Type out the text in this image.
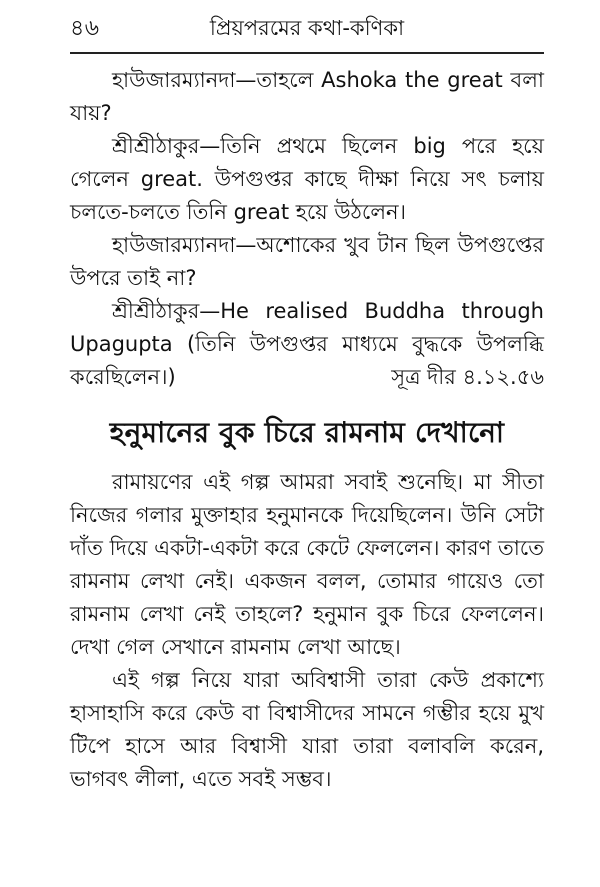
৪৬	প্রিয়পরমের কথা-কণিকা

হাউজারম্যানদা—তাহলে Ashoka the great বলা যায়?

শ্রীশ্রীঠাকুর—তিনি প্রথমে ছিলেন big পরে হয়ে গেলেন great. উপগুপ্তর কাছে দীক্ষা নিয়ে সৎ চলায় চলতে-চলতে তিনি great হয়ে উঠলেন।

হাউজারম্যানদা—অশোকের খুব টান ছিল উপগুপ্তের উপরে তাই না?

শ্রীশ্রীঠাকুর—He realised Buddha through Upagupta (তিনি উপগুপ্তর মাধ্যমে বুদ্ধকে উপলব্ধি করেছিলেন।)	সূত্র দীর ৪.১২.৫৬

হনুমানের বুক চিরে রামনাম দেখানো

রামায়ণের এই গল্প আমরা সবাই শুনেছি। মা সীতা নিজের গলার মুক্তাহার হনুমানকে দিয়েছিলেন। উনি সেটা দাঁত দিয়ে একটা-একটা করে কেটে ফেললেন। কারণ তাতে রামনাম লেখা নেই। একজন বলল, তোমার গায়েও তো রামনাম লেখা নেই তাহলে? হনুমান বুক চিরে ফেললেন। দেখা গেল সেখানে রামনাম লেখা আছে।

এই গল্প নিয়ে যারা অবিশ্বাসী তারা কেউ প্রকাশ্যে হাসাহাসি করে কেউ বা বিশ্বাসীদের সামনে গম্ভীর হয়ে মুখ টিপে হাসে আর বিশ্বাসী যারা তারা বলাবলি করেন, ভাগবৎ লীলা, এতে সবই সম্ভব।
